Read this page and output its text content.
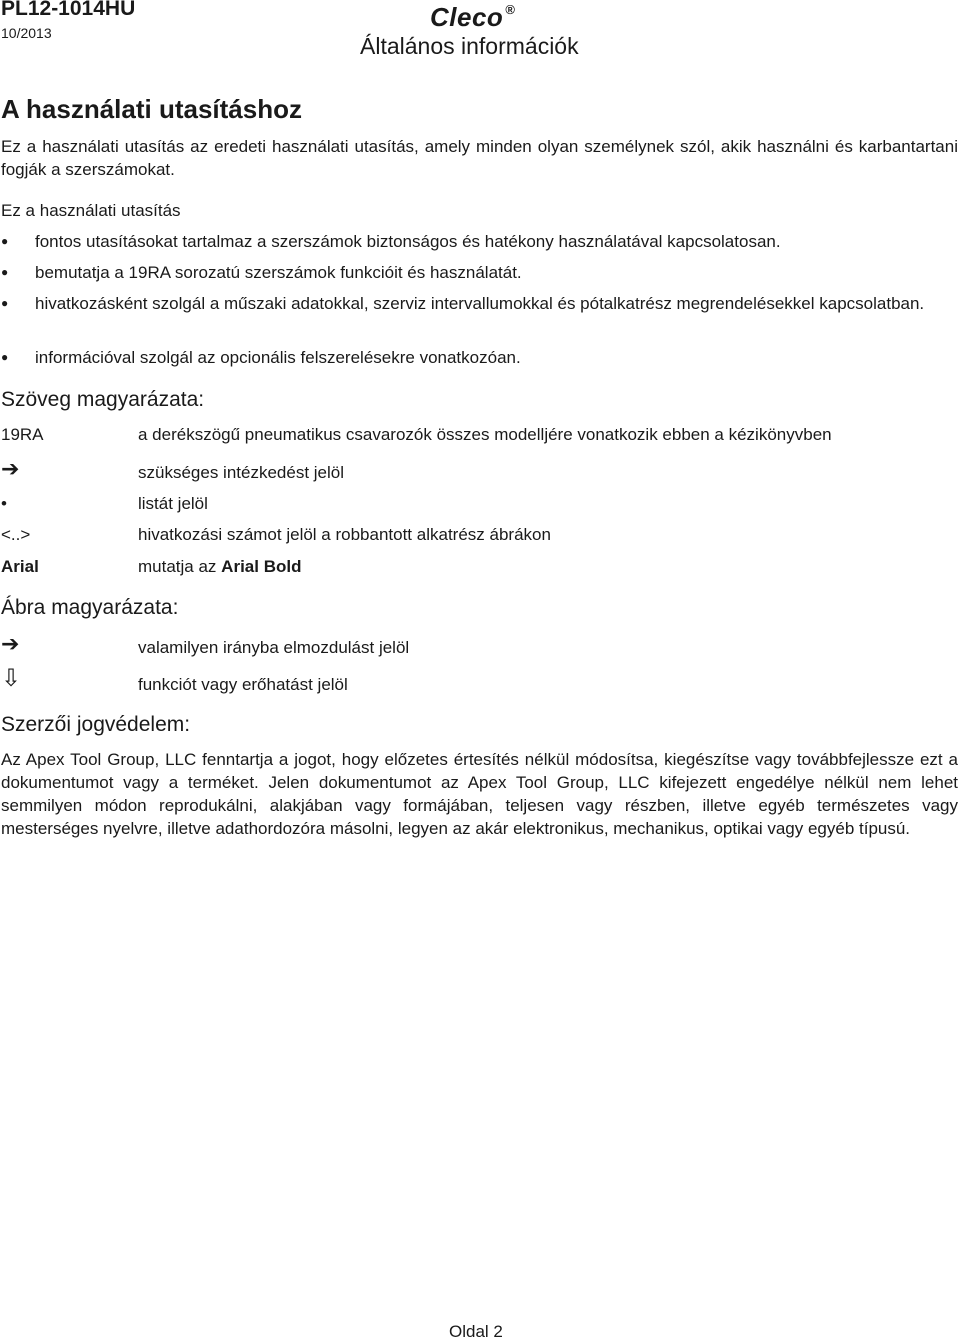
PL12-1014HU
10/2013
Cleco ®
Általános információk
A használati utasításhoz

Ez a használati utasítás az eredeti használati utasítás, amely minden olyan személynek szól, akik használni és karbantartani fogják a szerszámokat.

Ez a használati utasítás

● fontos utasításokat tartalmaz a szerszámok biztonságos és hatékony használatával kapcsolatosan.
● bemutatja a 19RA sorozatú szerszámok funkcióit és használatát.
● hivatkozásként szolgál a műszaki adatokkal, szerviz intervallumokkal és pótalkatrész megrendelésekkel kapcsolatban.
● információval szolgál az opcionális felszerelésekre vonatkozóan.
Szöveg magyarázata:
19RA	a derékszögű pneumatikus csavarozók összes modelljére vonatkozik ebben a kézikönyvben
➔	szükséges intézkedést jelöl
•	listát jelöl
<..>	hivatkozási számot jelöl a robbantott alkatrész ábrákon
Arial	mutatja az Arial Bold
Ábra magyarázata:
➔	valamilyen irányba elmozdulást jelöl
⇩	funkciót vagy erőhatást jelöl
Szerzői jogvédelem:

Az Apex Tool Group, LLC fenntartja a jogot, hogy előzetes értesítés nélkül módosítsa, kiegészítse vagy továbbfejlessze ezt a dokumentumot vagy a terméket. Jelen dokumentumot az Apex Tool Group, LLC kifejezett engedélye nélkül nem lehet semmilyen módon reprodukálni, alakjában vagy formájában, teljesen vagy részben, illetve egyéb természetes vagy mesterséges nyelvre, illetve adathordozóra másolni, legyen az akár elektronikus, mechanikus, optikai vagy egyéb típusú.

Oldal 2
